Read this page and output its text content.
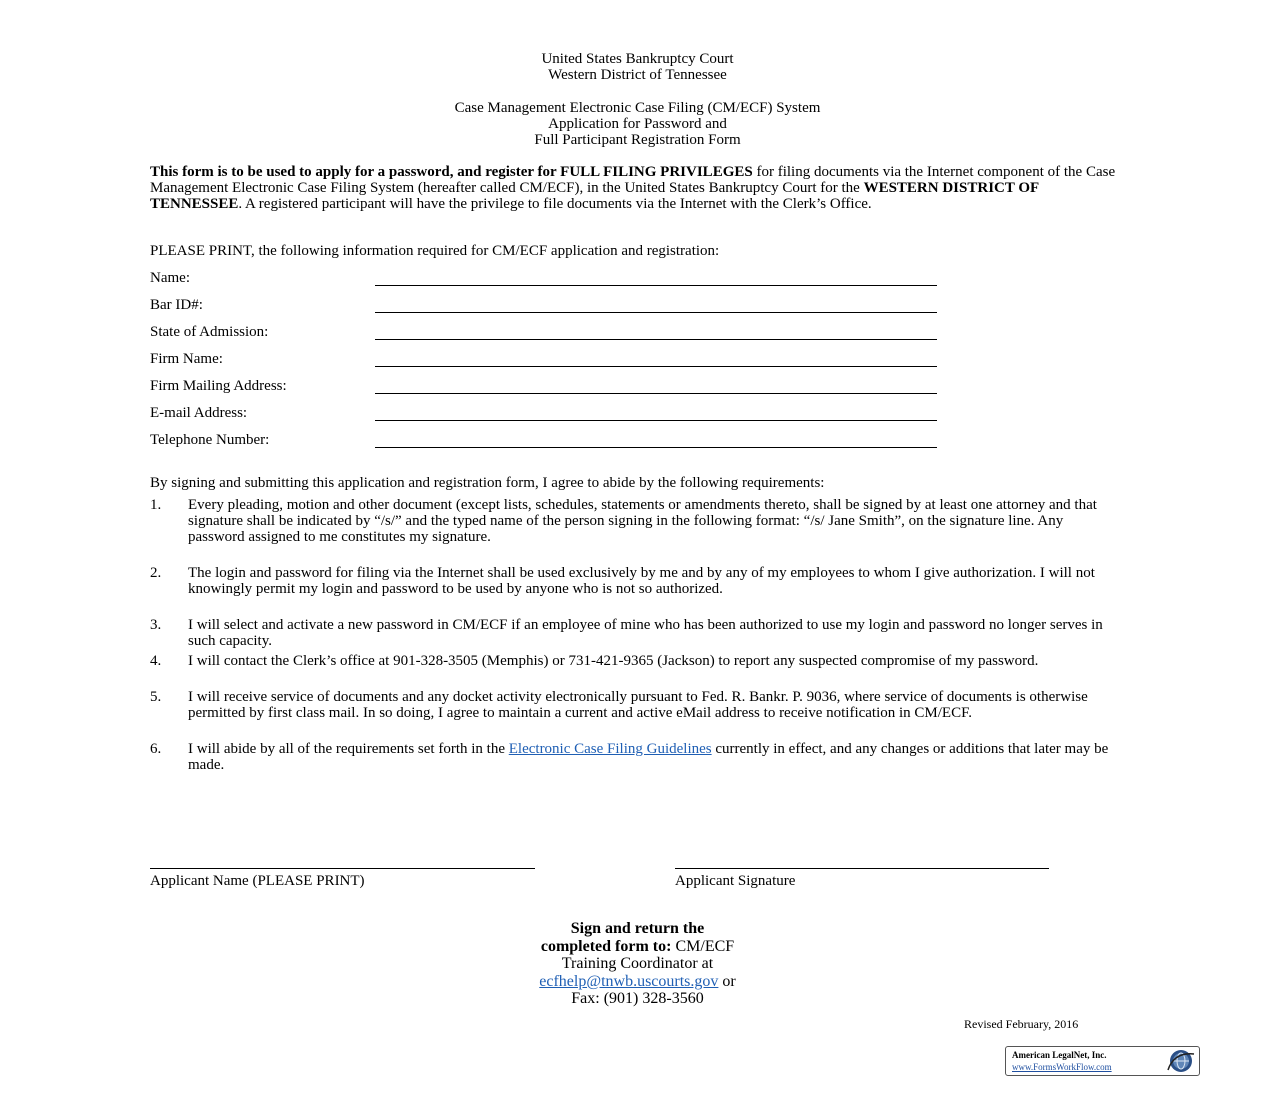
United States Bankruptcy Court
Western District of Tennessee
Case Management Electronic Case Filing (CM/ECF) System
Application for Password and
Full Participant Registration Form
This form is to be used to apply for a password, and register for FULL FILING PRIVILEGES for filing documents via the Internet component of the Case Management Electronic Case Filing System (hereafter called CM/ECF), in the United States Bankruptcy Court for the WESTERN DISTRICT OF TENNESSEE. A registered participant will have the privilege to file documents via the Internet with the Clerk’s Office.
PLEASE PRINT, the following information required for CM/ECF application and registration:
Name:
Bar ID#:
State of Admission:
Firm Name:
Firm Mailing Address:
E-mail Address:
Telephone Number:
By signing and submitting this application and registration form, I agree to abide by the following requirements:
1. Every pleading, motion and other document (except lists, schedules, statements or amendments thereto, shall be signed by at least one attorney and that signature shall be indicated by “/s/” and the typed name of the person signing in the following format: “/s/ Jane Smith”, on the signature line. Any password assigned to me constitutes my signature.
2. The login and password for filing via the Internet shall be used exclusively by me and by any of my employees to whom I give authorization. I will not knowingly permit my login and password to be used by anyone who is not so authorized.
3. I will select and activate a new password in CM/ECF if an employee of mine who has been authorized to use my login and password no longer serves in such capacity.
4. I will contact the Clerk’s office at 901-328-3505 (Memphis) or 731-421-9365 (Jackson) to report any suspected compromise of my password.
5. I will receive service of documents and any docket activity electronically pursuant to Fed. R. Bankr. P. 9036, where service of documents is otherwise permitted by first class mail. In so doing, I agree to maintain a current and active eMail address to receive notification in CM/ECF.
6. I will abide by all of the requirements set forth in the Electronic Case Filing Guidelines currently in effect, and any changes or additions that later may be made.
Applicant Name (PLEASE PRINT)	Applicant Signature
Sign and return the
completed form to: CM/ECF
Training Coordinator at
ecfhelp@tnwb.uscourts.gov or
Fax: (901) 328-3560
Revised February, 2016
American LegalNet, Inc.
www.FormsWorkFlow.com
